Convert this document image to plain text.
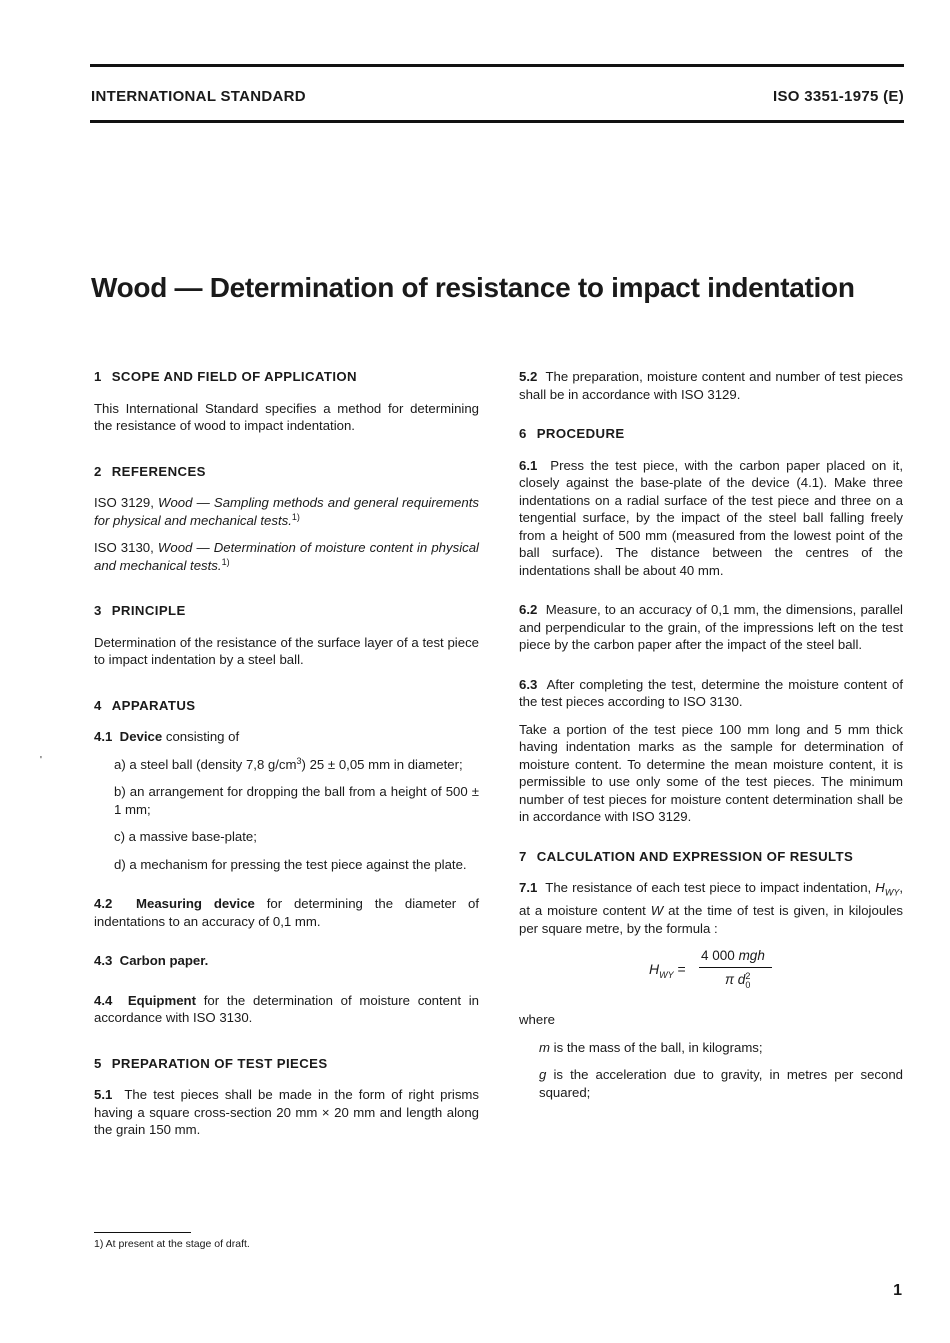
INTERNATIONAL STANDARD	ISO 3351-1975 (E)
Wood — Determination of resistance to impact indentation
'
1 SCOPE AND FIELD OF APPLICATION

This International Standard specifies a method for determining the resistance of wood to impact indentation.

2 REFERENCES

ISO 3129, Wood — Sampling methods and general requirements for physical and mechanical tests.$^{1)}$

ISO 3130, Wood — Determination of moisture content in physical and mechanical tests.$^{1)}$

3 PRINCIPLE

Determination of the resistance of the surface layer of a test piece to impact indentation by a steel ball.

4 APPARATUS

4.1 Device consisting of

a) a steel ball (density 7,8 $g/cm^3$) 25 ± 0,05 mm in diameter;

b) an arrangement for dropping the ball from a height of 500 ± 1 mm;

c) a massive base-plate;

d) a mechanism for pressing the test piece against the plate.

4.2 Measuring device for determining the diameter of indentations to an accuracy of 0,1 mm.

4.3 Carbon paper.

4.4 Equipment for the determination of moisture content in accordance with ISO 3130.

5 PREPARATION OF TEST PIECES

5.1 The test pieces shall be made in the form of right prisms having a square cross-section 20 mm × 20 mm and length along the grain 150 mm.

5.2 The preparation, moisture content and number of test pieces shall be in accordance with ISO 3129.

6 PROCEDURE

6.1 Press the test piece, with the carbon paper placed on it, closely against the base-plate of the device (4.1). Make three indentations on a radial surface of the test piece and three on a tengential surface, by the impact of the steel ball falling freely from a height of 500 mm (measured from the lowest point of the ball surface). The distance between the centres of the indentations shall be about 40 mm.

6.2 Measure, to an accuracy of 0,1 mm, the dimensions, parallel and perpendicular to the grain, of the impressions left on the test piece by the carbon paper after the impact of the steel ball.

6.3 After completing the test, determine the moisture content of the test pieces according to ISO 3130.

Take a portion of the test piece 100 mm long and 5 mm thick having indentation marks as the sample for determination of moisture content. To determine the mean moisture content, it is permissible to use only some of the test pieces. The minimum number of test pieces for moisture content determination shall be in accordance with ISO 3129.

7 CALCULATION AND EXPRESSION OF RESULTS

7.1 The resistance of each test piece to impact indentation, $H_{WY}$, at a moisture content W at the time of test is given, in kilojoules per square metre, by the formula :

$H_{WY}$ =
4 000 mgh
π d 2
0

where

m is the mass of the ball, in kilograms;

g is the acceleration due to gravity, in metres per second squared;

1) At present at the stage of draft.
1
